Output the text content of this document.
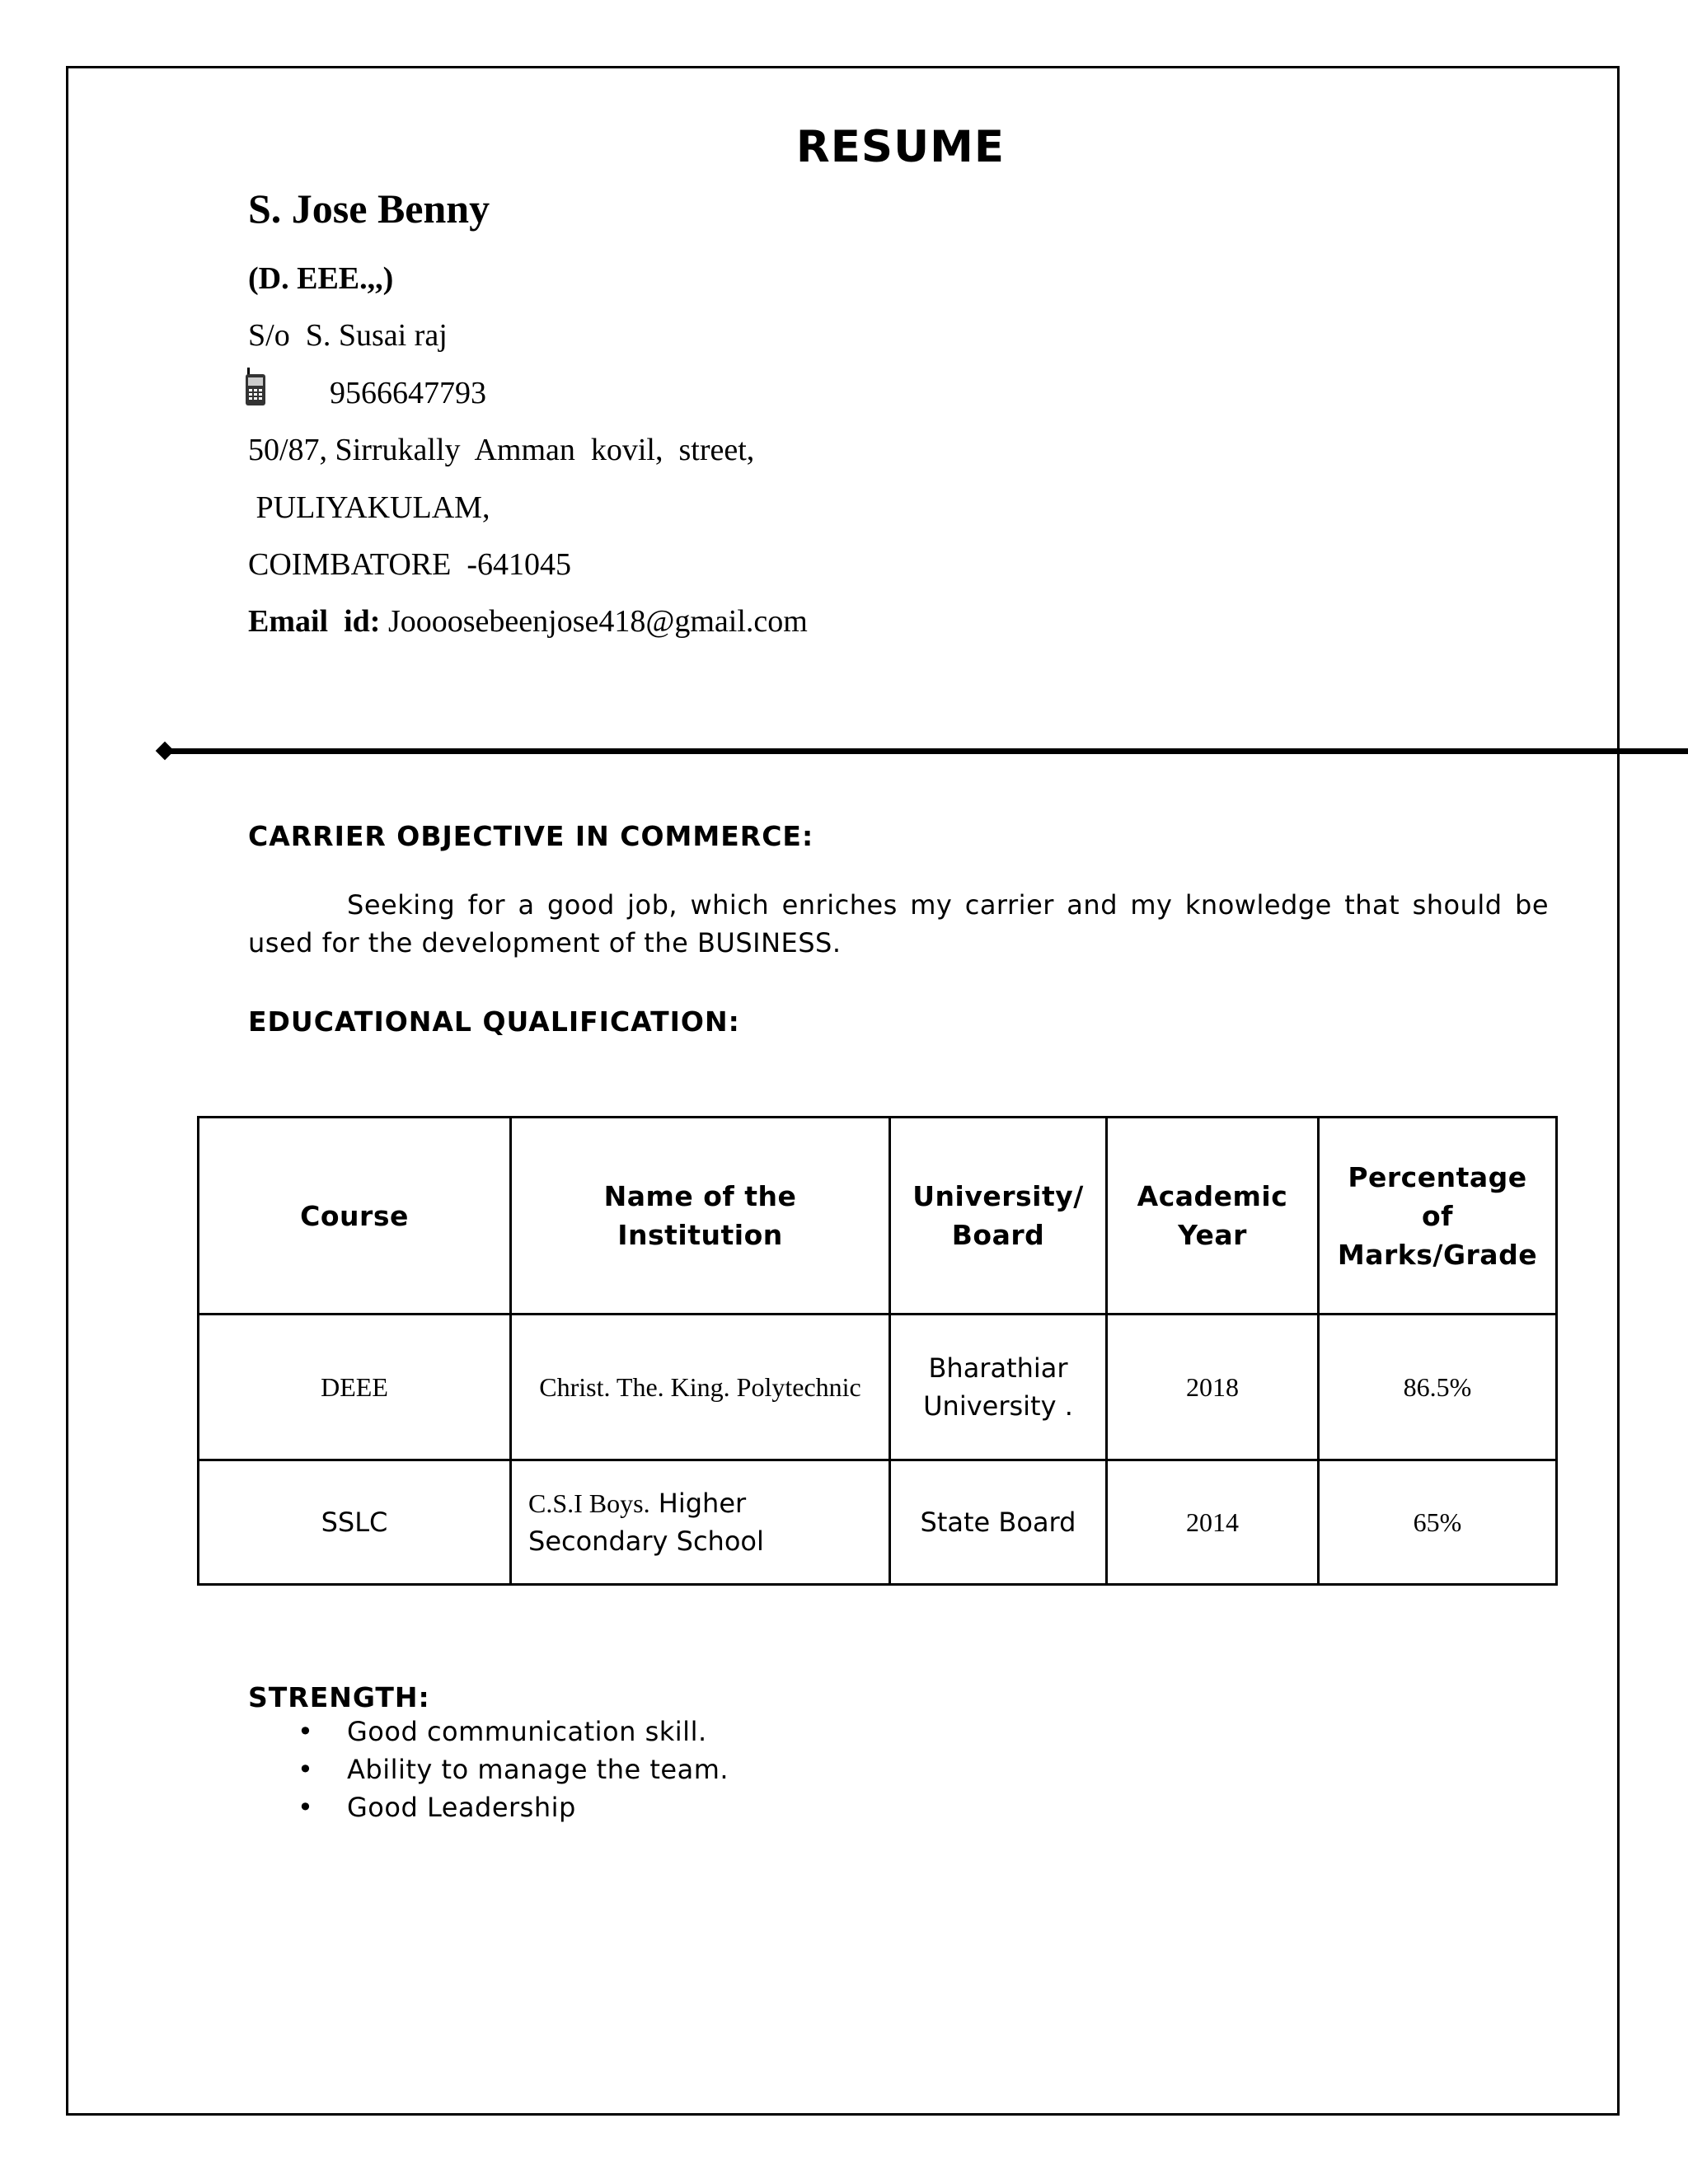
RESUME
S. Jose Benny
(D. EEE.,,)
S/o  S. Susai raj
9566647793
50/87, Sirrukally  Amman  kovil,  street,
PULIYAKULAM,
COIMBATORE  -641045
Email  id: Joooosebeenjose418@gmail.com
CARRIER OBJECTIVE IN COMMERCE:
Seeking for a good job, which enriches my carrier and my knowledge that should be used for the development of the BUSINESS.
EDUCATIONAL QUALIFICATION:
Course	Name of the Institution	University/ Board	Academic Year	Percentage of Marks/Grade
DEEE	Christ. The. King. Polytechnic	Bharathiar University .	2018	86.5%
SSLC	C.S.I Boys. Higher Secondary School	State Board	2014	65%
STRENGTH:
• Good communication skill.
• Ability to manage the team.
• Good Leadership
